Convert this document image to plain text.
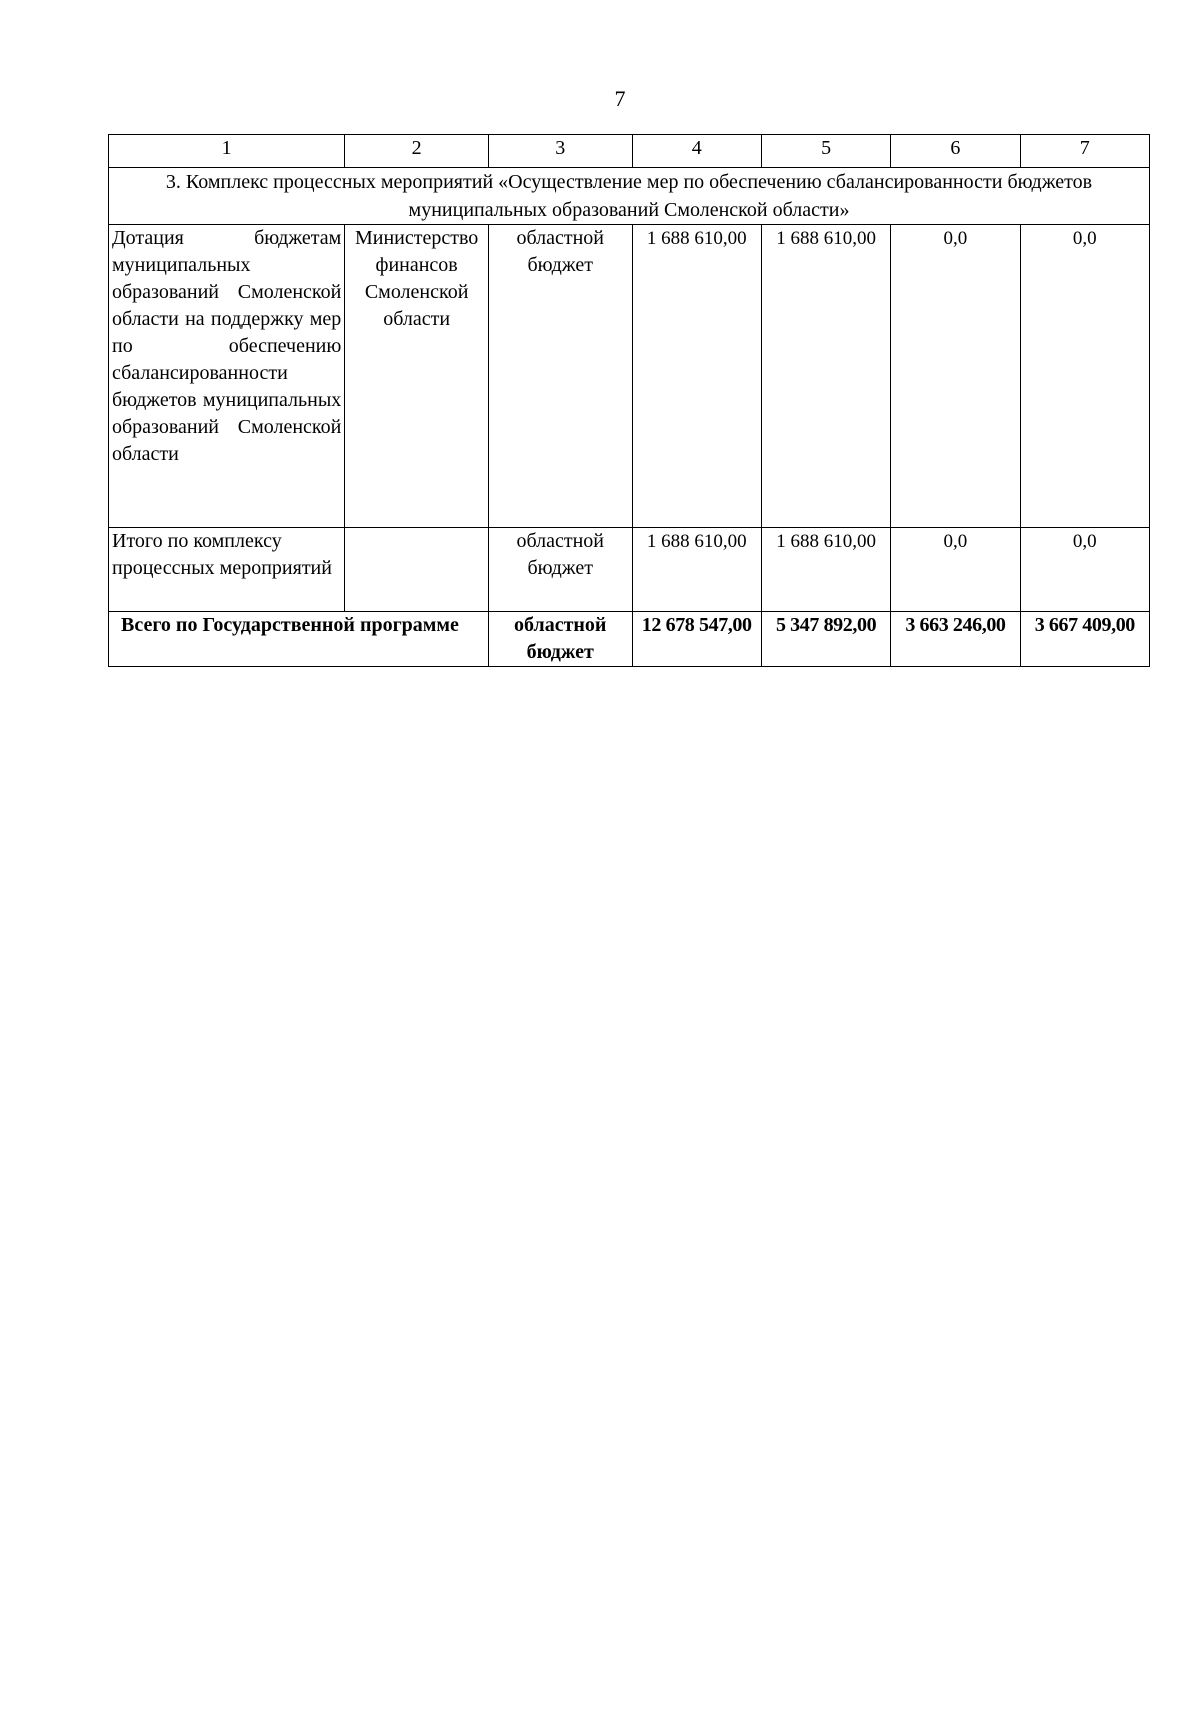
7
1	2	3	4	5	6	7
3. Комплекс процессных мероприятий «Осуществление мер по обеспечению сбалансированности бюджетов муниципальных образований Смоленской области»						
Дотация бюджетам муниципальных образований Смоленской области на поддержку мер по обеспечению сбалансированности бюджетов муниципальных образований Смоленской области	Министерство финансов Смоленской области	областной бюджет	1 688 610,00	1 688 610,00	0,0	0,0
Итого по комплексу процессных мероприятий		областной бюджет	1 688 610,00	1 688 610,00	0,0	0,0
Всего по Государственной программе		областной бюджет	12 678 547,00	5 347 892,00	3 663 246,00	3 667 409,00
